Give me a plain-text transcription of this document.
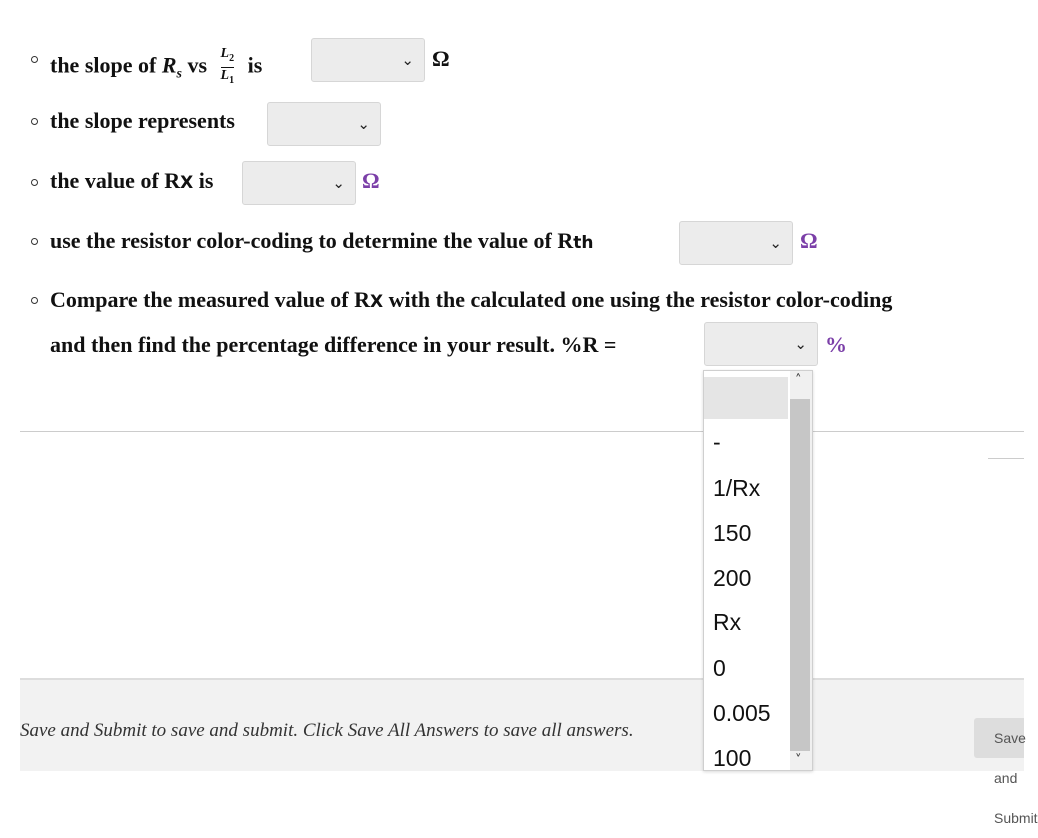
the slope of $R_s$ vs $\frac{L_2}{L_1}$ is	⌄ Ω
the slope represents	⌄
the value of RX is	⌄ Ω
use the resistor color-coding to determine the value of Rth	⌄ Ω
Compare the measured value of RX with the calculated one using the resistor color-coding
and then find the percentage difference in your result. %R =	⌄ %
Save and Submit to save and submit. Click Save All Answers to save all answers.	Save and Submit
-
1/Rx
150
200
Rx
0
0.005
100
˄
˅
